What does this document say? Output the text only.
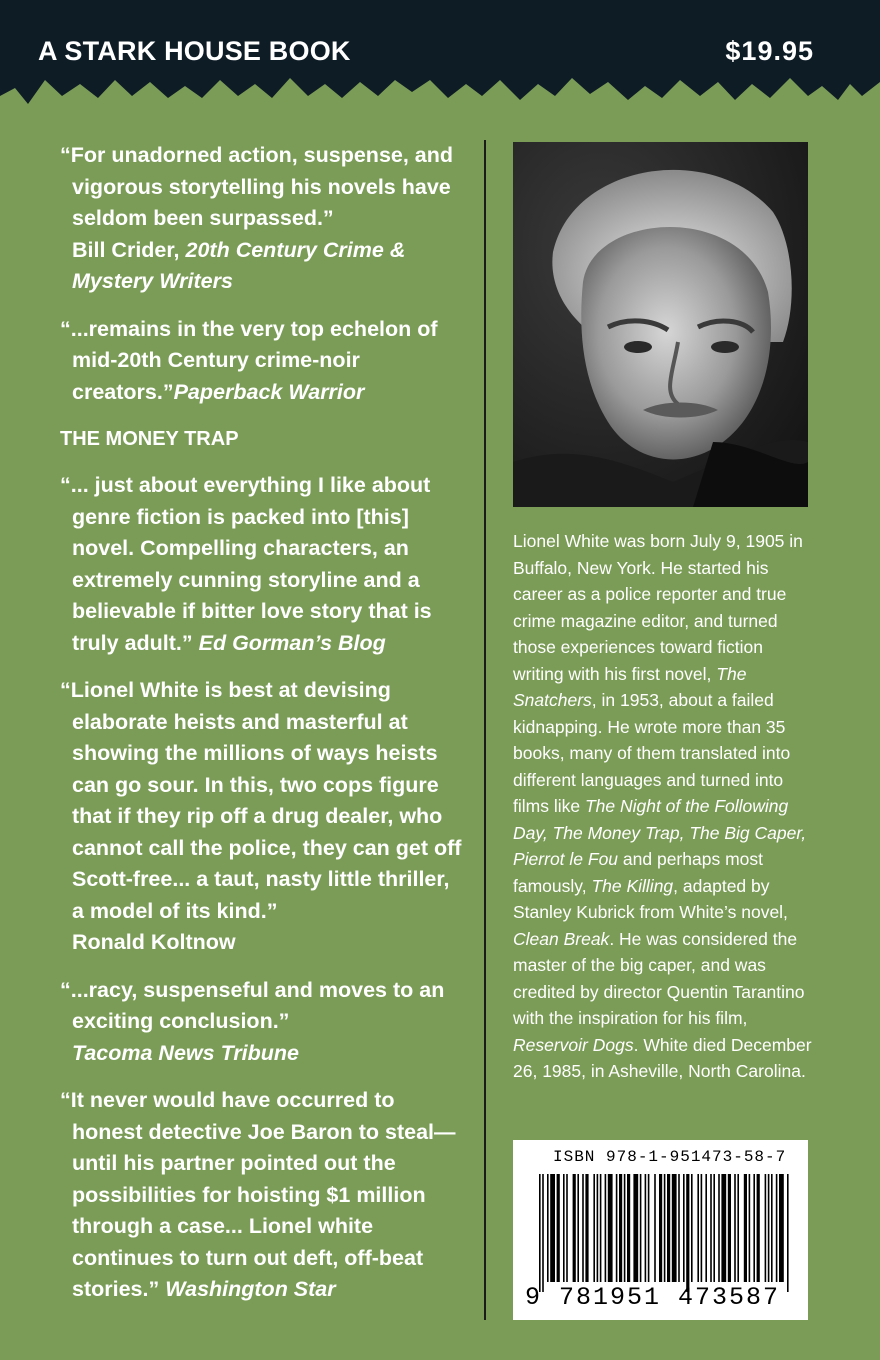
A STARK HOUSE BOOK	$19.95

“For unadorned action, suspense, and vigorous storytelling his novels have seldom been surpassed.”
Bill Crider, 20th Century Crime & Mystery Writers

“...remains in the very top echelon of mid-20th Century crime-noir creators.”Paperback Warrior

THE MONEY TRAP

“... just about everything I like about genre fiction is packed into [this] novel. Compelling characters, an extremely cunning storyline and a believable if bitter love story that is truly adult.” Ed Gorman’s Blog

“Lionel White is best at devising elaborate heists and masterful at showing the millions of ways heists can go sour. In this, two cops figure that if they rip off a drug dealer, who cannot call the police, they can get off Scott-free... a taut, nasty little thriller, a model of its kind.”
Ronald Koltnow

“...racy, suspenseful and moves to an exciting conclusion.”
Tacoma News Tribune

“It never would have occurred to honest detective Joe Baron to steal—until his partner pointed out the possibilities for hoisting $1 million through a case... Lionel white continues to turn out deft, off-beat stories.” Washington Star

Lionel White was born July 9, 1905 in Buffalo, New York. He started his career as a police reporter and true crime magazine editor, and turned those experiences toward fiction writing with his first novel, The Snatchers, in 1953, about a failed kidnapping. He wrote more than 35 books, many of them translated into different languages and turned into films like The Night of the Following Day, The Money Trap, The Big Caper, Pierrot le Fou and perhaps most famously, The Killing, adapted by Stanley Kubrick from White’s novel, Clean Break. He was considered the master of the big caper, and was credited by director Quentin Tarantino with the inspiration for his film, Reservoir Dogs. White died December 26, 1985, in Asheville, North Carolina.
ISBN 978-1-951473-58-7
9 781951 473587
